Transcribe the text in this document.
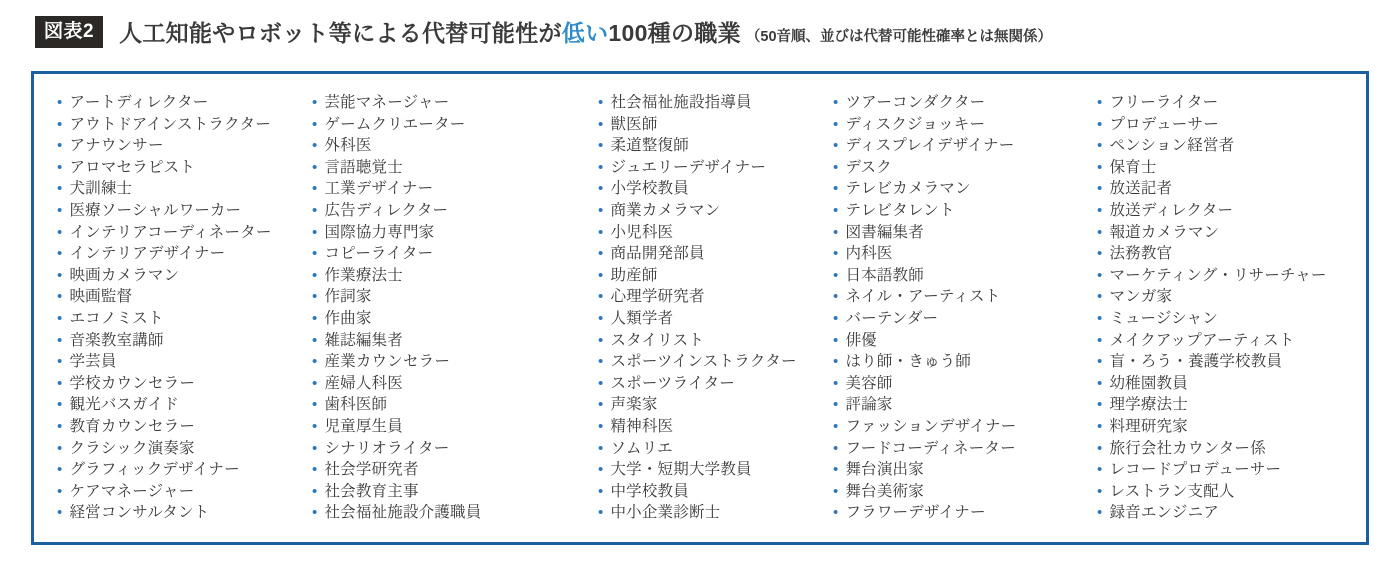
図表2	人工知能やロボット等による代替可能性が低い100種の職業 （50音順、並びは代替可能性確率とは無関係）
• アートディレクター
• アウトドアインストラクター
• アナウンサー
• アロマセラピスト
• 犬訓練士
• 医療ソーシャルワーカー
• インテリアコーディネーター
• インテリアデザイナー
• 映画カメラマン
• 映画監督
• エコノミスト
• 音楽教室講師
• 学芸員
• 学校カウンセラー
• 観光バスガイド
• 教育カウンセラー
• クラシック演奏家
• グラフィックデザイナー
• ケアマネージャー
• 経営コンサルタント
• 芸能マネージャー
• ゲームクリエーター
• 外科医
• 言語聴覚士
• 工業デザイナー
• 広告ディレクター
• 国際協力専門家
• コピーライター
• 作業療法士
• 作詞家
• 作曲家
• 雑誌編集者
• 産業カウンセラー
• 産婦人科医
• 歯科医師
• 児童厚生員
• シナリオライター
• 社会学研究者
• 社会教育主事
• 社会福祉施設介護職員
• 社会福祉施設指導員
• 獣医師
• 柔道整復師
• ジュエリーデザイナー
• 小学校教員
• 商業カメラマン
• 小児科医
• 商品開発部員
• 助産師
• 心理学研究者
• 人類学者
• スタイリスト
• スポーツインストラクター
• スポーツライター
• 声楽家
• 精神科医
• ソムリエ
• 大学・短期大学教員
• 中学校教員
• 中小企業診断士
• ツアーコンダクター
• ディスクジョッキー
• ディスプレイデザイナー
• デスク
• テレビカメラマン
• テレビタレント
• 図書編集者
• 内科医
• 日本語教師
• ネイル・アーティスト
• バーテンダー
• 俳優
• はり師・きゅう師
• 美容師
• 評論家
• ファッションデザイナー
• フードコーディネーター
• 舞台演出家
• 舞台美術家
• フラワーデザイナー
• フリーライター
• プロデューサー
• ペンション経営者
• 保育士
• 放送記者
• 放送ディレクター
• 報道カメラマン
• 法務教官
• マーケティング・リサーチャー
• マンガ家
• ミュージシャン
• メイクアップアーティスト
• 盲・ろう・養護学校教員
• 幼稚園教員
• 理学療法士
• 料理研究家
• 旅行会社カウンター係
• レコードプロデューサー
• レストラン支配人
• 録音エンジニア
